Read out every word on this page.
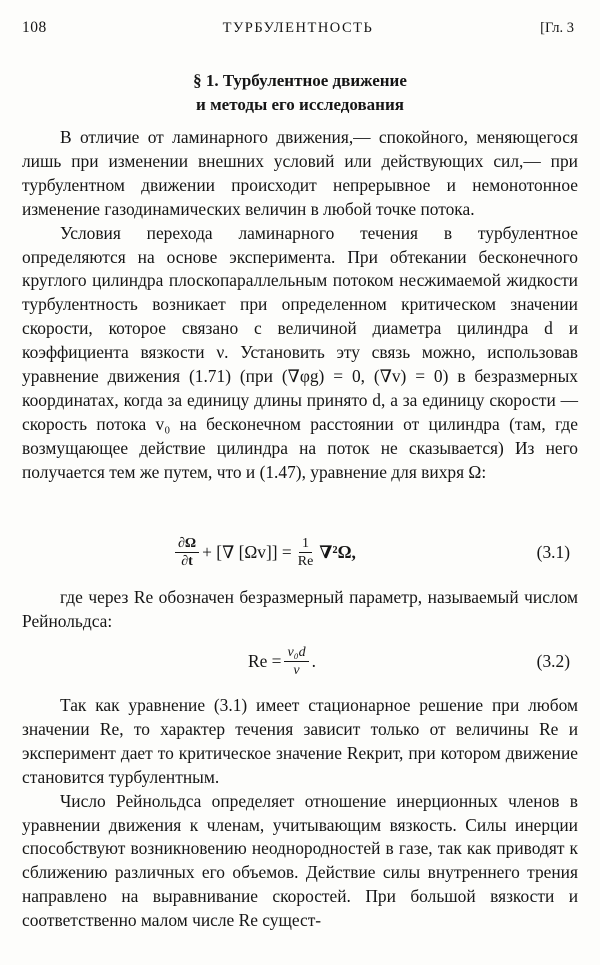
108	ТУРБУЛЕНТНОСТЬ	[Гл. 3
§ 1. Турбулентное движение
и методы его исследования

В отличие от ламинарного движения,— спокойного, меняющегося лишь при изменении внешних условий или действующих сил,— при турбулентном движении происходит непрерывное и немонотонное изменение газодинамических величин в любой точке потока.

Условия перехода ламинарного течения в турбулентное определяются на основе эксперимента. При обтекании бесконечного круглого цилиндра плоскопараллельным потоком несжимаемой жидкости турбулентность возникает при определенном критическом значении скорости, которое связано с величиной диаметра цилиндра d и коэффициента вязкости ν. Установить эту связь можно, использовав уравнение движения (1.71) (при (∇φg) = 0, (∇v) = 0) в безразмерных координатах, когда за единицу длины принято d, а за единицу скорости — скорость потока v₀ на бесконечном расстоянии от цилиндра (там, где возмущающее действие цилиндра на поток не сказывается) Из него получается тем же путем, что и (1.47), уравнение для вихря Ω:

$\frac{\partial\Omega}{\partial t}$ + [∇ $[\Omega v]] = \frac{1}{Re} \nabla^2\Omega$,	(3.1)

где через Re обозначен безразмерный параметр, называемый числом Рейнольдса:

$Re = \frac{\text{v₀d}}{\nu}$ .	(3.2)

Так как уравнение (3.1) имеет стационарное решение при любом значении Re, то характер течения зависит только от величины Re и эксперимент дает то критическое значение Reкрит, при котором движение становится турбулентным.

Число Рейнольдса определяет отношение инерционных членов в уравнении движения к членам, учитывающим вязкость. Силы инерции способствуют возникновению неоднородностей в газе, так как приводят к сближению различных его объемов. Действие силы внутреннего трения направлено на выравнивание скоростей. При большой вязкости и соответственно малом числе Re сущест-
